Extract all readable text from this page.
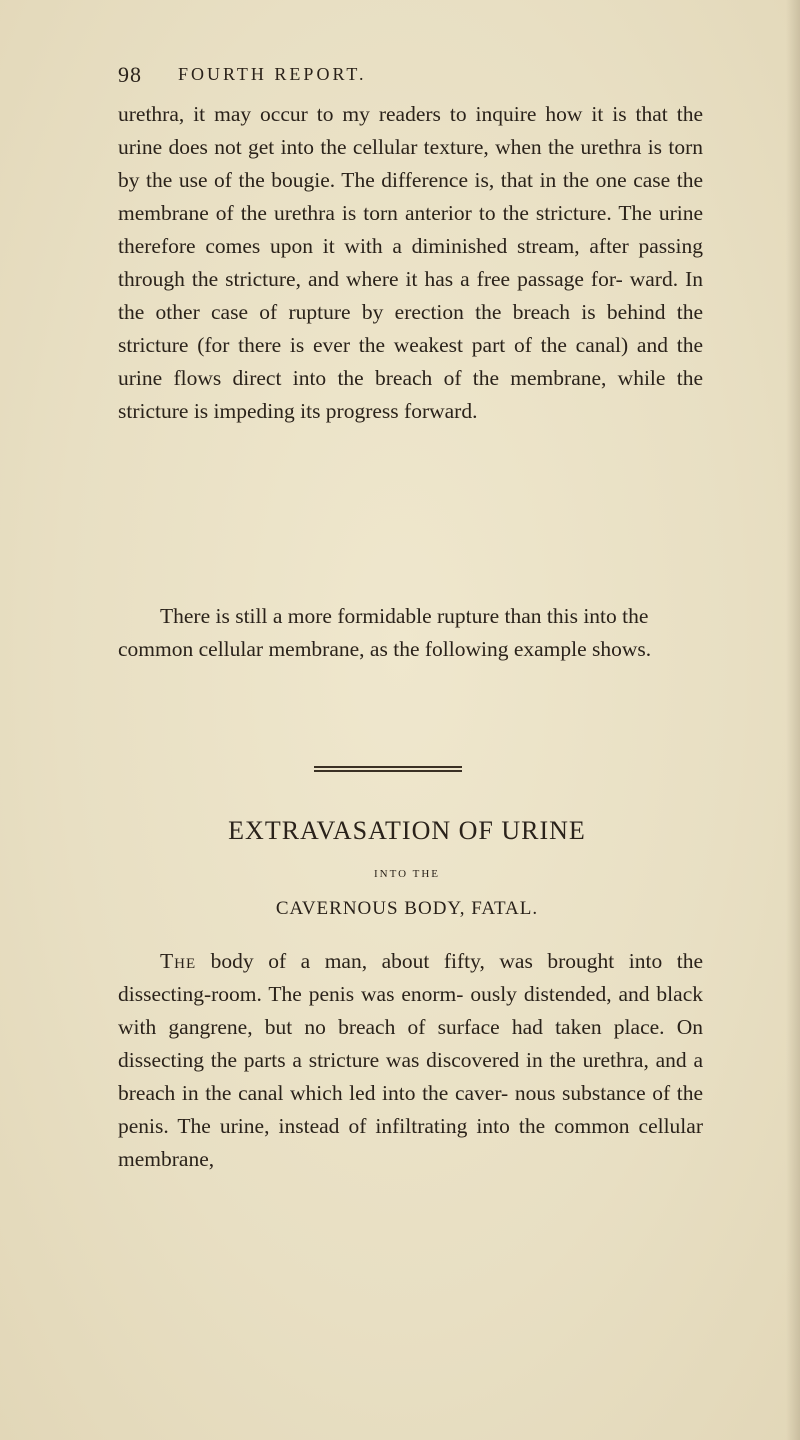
98 FOURTH REPORT.

urethra, it may occur to my readers to inquire how it is that the urine does not get into the cellular texture, when the urethra is torn by the use of the bougie. The difference is, that in the one case the membrane of the urethra is torn anterior to the stricture. The urine therefore comes upon it with a diminished stream, after passing through the stricture, and where it has a free passage for- ward. In the other case of rupture by erection the breach is behind the stricture (for there is ever the weakest part of the canal) and the urine flows direct into the breach of the membrane, while the stricture is impeding its progress forward.

There is still a more formidable rupture than this into the common cellular membrane, as the following example shows.

EXTRAVASATION OF URINE
INTO THE
CAVERNOUS BODY, FATAL.

The body of a man, about fifty, was brought into the dissecting-room. The penis was enorm- ously distended, and black with gangrene, but no breach of surface had taken place. On dissecting the parts a stricture was discovered in the urethra, and a breach in the canal which led into the caver- nous substance of the penis. The urine, instead of infiltrating into the common cellular membrane,
